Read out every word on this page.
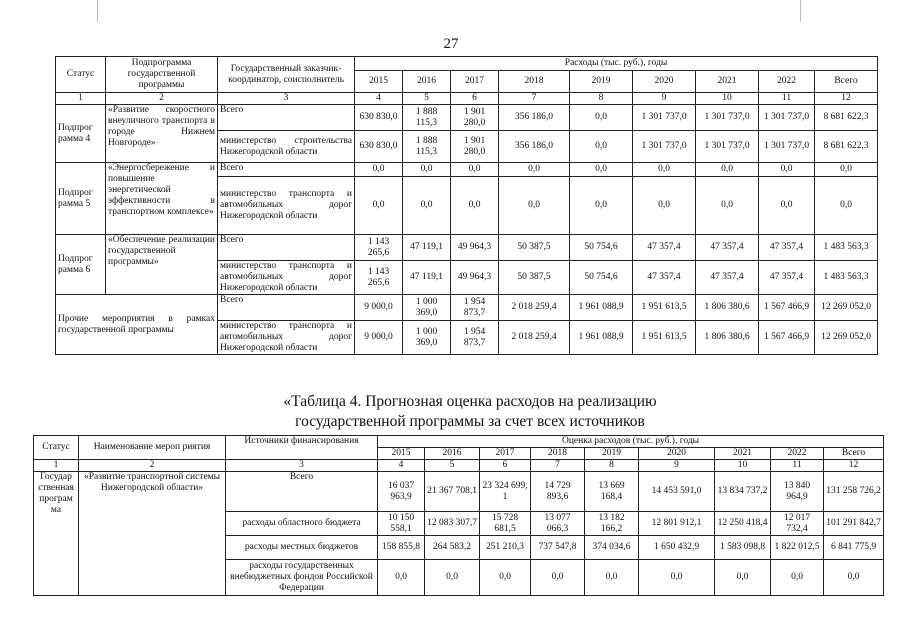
27
Статус	Подпрограмма государственной программы	Государственный заказчик- координатор, соисполнитель	Расходы (тыс. руб.), годы								
			2015	2016	2017	2018	2019	2020	2021	2022	Всего
1	2	3	4	5	6	7	8	9	10	11	12
Подпрог рамма 4	«Развитие скоростного внеуличного транспорта в городе Нижнем Новгороде»	Всего	630 830,0	1 888 115,3	1 901 280,0	356 186,0	0,0	1 301 737,0	1 301 737,0	1 301 737,0	8 681 622,3
		министерство строительства Нижегородской области	630 830,0	1 888 115,3	1 901 280,0	356 186,0	0,0	1 301 737,0	1 301 737,0	1 301 737,0	8 681 622,3
Подпрог рамма 5	«Энергосбережение и повышение энергетической эффективности в транспортном комплексе»	Всего	0,0	0,0	0,0	0,0	0,0	0,0	0,0	0,0	0,0
		министерство транспорта и автомобильных дорог Нижегородской области	0,0	0,0	0,0	0,0	0,0	0,0	0,0	0,0	0,0
Подпрог рамма 6	«Обеспечение реализации государственной программы»	Всего	1 143 265,6	47 119,1	49 964,3	50 387,5	50 754,6	47 357,4	47 357,4	47 357,4	1 483 563,3
		министерство транспорта и автомобильных дорог Нижегородской области	1 143 265,6	47 119,1	49 964,3	50 387,5	50 754,6	47 357,4	47 357,4	47 357,4	1 483 563,3
Прочие мероприятия в рамках государственной программы		Всего	9 000,0	1 000 369,0	1 954 873,7	2 018 259,4	1 961 088,9	1 951 613,5	1 806 380,6	1 567 466,9	12 269 052,0
		министерство транспорта и автомобильных дорог Нижегородской области	9 000,0	1 000 369,0	1 954 873,7	2 018 259,4	1 961 088,9	1 951 613,5	1 806 380,6	1 567 466,9	12 269 052,0
«Таблица 4. Прогнозная оценка расходов на реализацию
государственной программы за счет всех источников
Статус	Наименование мероп риятия	Источники финансирования	Оценка расходов (тыс. руб.), годы								
			2015	2016	2017	2018	2019	2020	2021	2022	Всего
1	2	3	4	5	6	7	8	9	10	11	12
Государ ственная програм ма	«Развитие транспортной системы Нижегородской области»	Всего	16 037 963,9	21 367 708,1	23 324 699, 1	14 729 893,6	13 669 168,4	14 453 591,0	13 834 737,2	13 840 964,9	131 258 726,2
		расходы областного бюджета	10 150 558,1	12 083 307,7	15 728 681,5	13 077 066,3	13 182 166,2	12 801 912,1	12 250 418,4	12 017 732,4	101 291 842,7
		расходы местных бюджетов	158 855,8	264 583,2	251 210,3	737 547,8	374 034,6	1 650 432,9	1 583 098,8	1 822 012,5	6 841 775,9
		расходы государственных внебюджетных фондов Российской Федерации	0,0	0,0	0,0	0,0	0,0	0,0	0,0	0,0	0,0
